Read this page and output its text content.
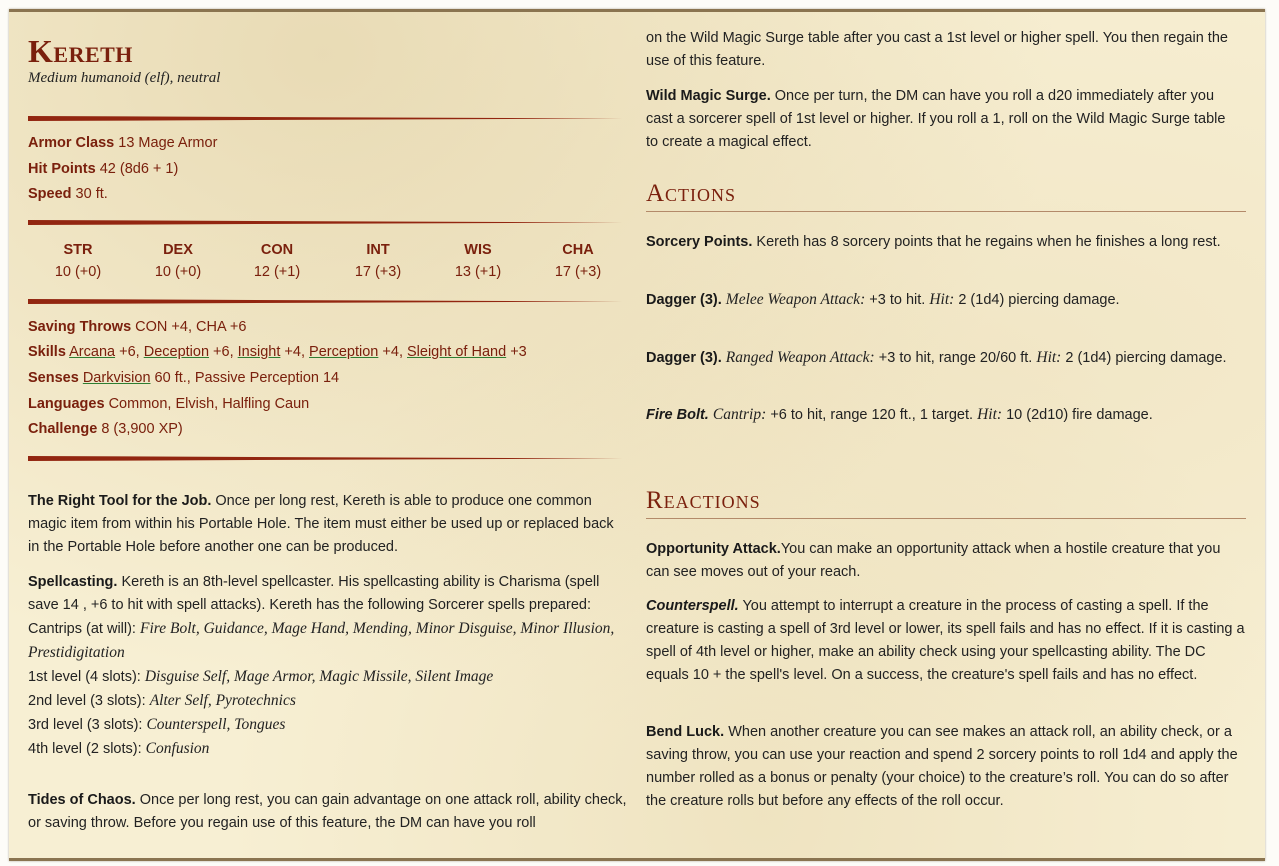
Kereth
Medium humanoid (elf), neutral
Armor Class 13 Mage Armor
Hit Points 42 (8d6 + 1)
Speed 30 ft.
STR
10 (+0)
DEX
10 (+0)
CON
12 (+1)
INT
17 (+3)
WIS
13 (+1)
CHA
17 (+3)
Saving Throws CON +4, CHA +6
Skills Arcana +6, Deception +6, Insight +4, Perception +4, Sleight of Hand +3
Senses Darkvision 60 ft., Passive Perception 14
Languages Common, Elvish, Halfling Caun
Challenge 8 (3,900 XP)

The Right Tool for the Job. Once per long rest, Kereth is able to produce one common magic item from within his Portable Hole. The item must either be used up or replaced back in the Portable Hole before another one can be produced.

Spellcasting. Kereth is an 8th-level spellcaster. His spellcasting ability is Charisma (spell save 14 , +6 to hit with spell attacks). Kereth has the following Sorcerer spells prepared:
Cantrips (at will): Fire Bolt, Guidance, Mage Hand, Mending, Minor Disguise, Minor Illusion, Prestidigitation
1st level (4 slots): Disguise Self, Mage Armor, Magic Missile, Silent Image
2nd level (3 slots): Alter Self, Pyrotechnics
3rd level (3 slots): Counterspell, Tongues
4th level (2 slots): Confusion

Tides of Chaos. Once per long rest, you can gain advantage on one attack roll, ability check, or saving throw. Before you regain use of this feature, the DM can have you roll

on the Wild Magic Surge table after you cast a 1st level or higher spell. You then regain the use of this feature.

Wild Magic Surge. Once per turn, the DM can have you roll a d20 immediately after you cast a sorcerer spell of 1st level or higher. If you roll a 1, roll on the Wild Magic Surge table to create a magical effect.

Actions

Sorcery Points. Kereth has 8 sorcery points that he regains when he finishes a long rest.

Dagger (3). Melee Weapon Attack: +3 to hit. Hit: 2 (1d4) piercing damage.

Dagger (3). Ranged Weapon Attack: +3 to hit, range 20/60 ft. Hit: 2 (1d4) piercing damage.

Fire Bolt. Cantrip: +6 to hit, range 120 ft., 1 target. Hit: 10 (2d10) fire damage.

Reactions

Opportunity Attack.You can make an opportunity attack when a hostile creature that you can see moves out of your reach.

Counterspell. You attempt to interrupt a creature in the process of casting a spell. If the creature is casting a spell of 3rd level or lower, its spell fails and has no effect. If it is casting a spell of 4th level or higher, make an ability check using your spellcasting ability. The DC equals 10 + the spell's level. On a success, the creature's spell fails and has no effect.

Bend Luck. When another creature you can see makes an attack roll, an ability check, or a saving throw, you can use your reaction and spend 2 sorcery points to roll 1d4 and apply the number rolled as a bonus or penalty (your choice) to the creature’s roll. You can do so after the creature rolls but before any effects of the roll occur.
